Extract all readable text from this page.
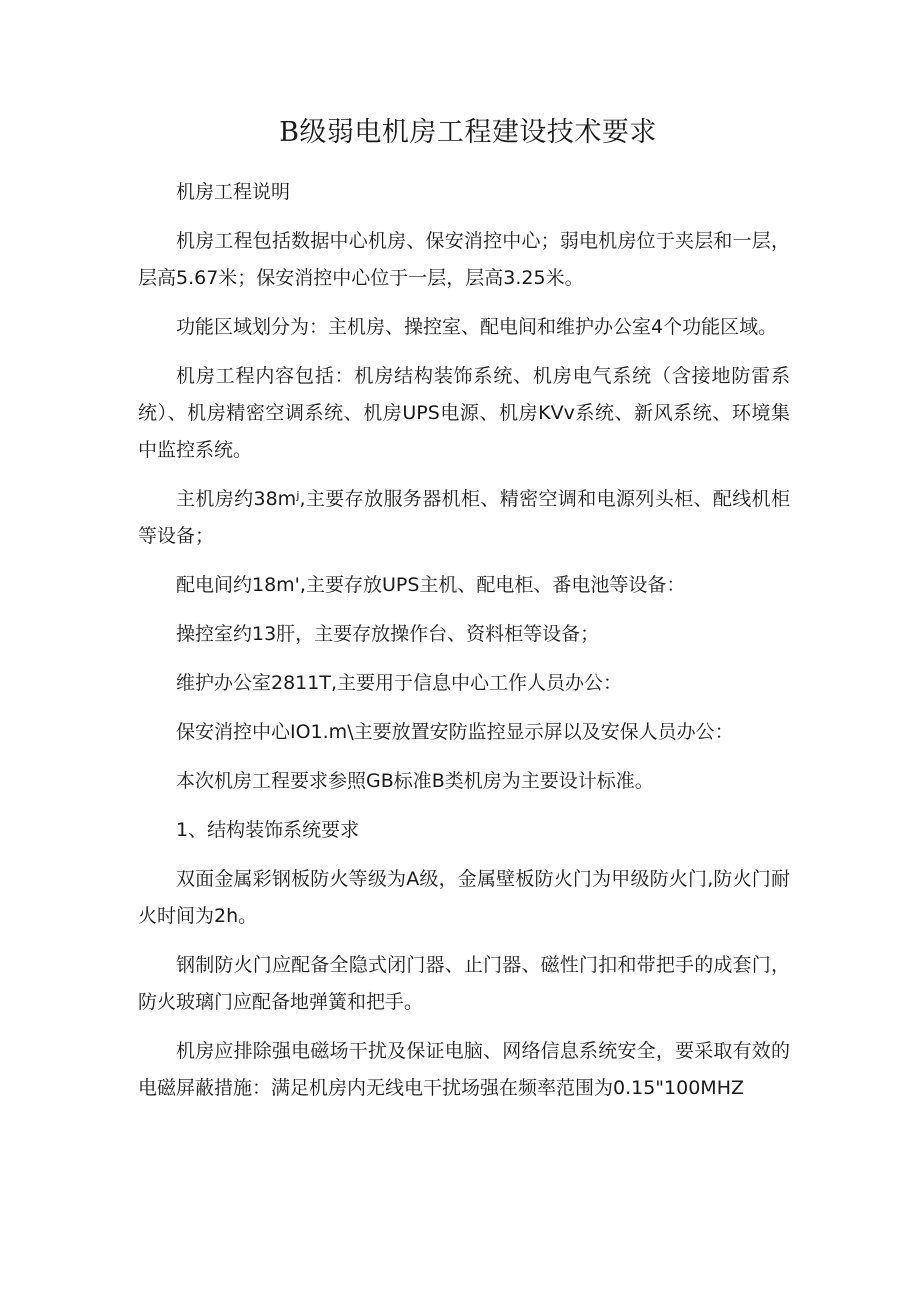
B级弱电机房工程建设技术要求

机房工程说明

机房工程包括数据中心机房、保安消控中心；弱电机房位于夹层和一层，层高5.67米；保安消控中心位于一层，层高3.25米。

功能区域划分为：主机房、操控室、配电间和维护办公室4个功能区域。

机房工程内容包括：机房结构装饰系统、机房电气系统（含接地防雷系统）、机房精密空调系统、机房UPS电源、机房KVv系统、新风系统、环境集中监控系统。

主机房约38mʲ,主要存放服务器机柜、精密空调和电源列头柜、配线机柜等设备；

配电间约18m',主要存放UPS主机、配电柜、番电池等设备：

操控室约13肝，主要存放操作台、资料柜等设备；

维护办公室2811T,主要用于信息中心工作人员办公：

保安消控中心IO1.m\主要放置安防监控显示屏以及安保人员办公：

本次机房工程要求参照GB标准B类机房为主要设计标准。

1、结构装饰系统要求

双面金属彩钢板防火等级为A级，金属壁板防火门为甲级防火门,防火门耐火时间为2h。

钢制防火门应配备全隐式闭门器、止门器、磁性门扣和带把手的成套门，防火玻璃门应配备地弹簧和把手。

机房应排除强电磁场干扰及保证电脑、网络信息系统安全，要采取有效的电磁屏蔽措施：满足机房内无线电干扰场强在频率范围为0.15"100MHZ
